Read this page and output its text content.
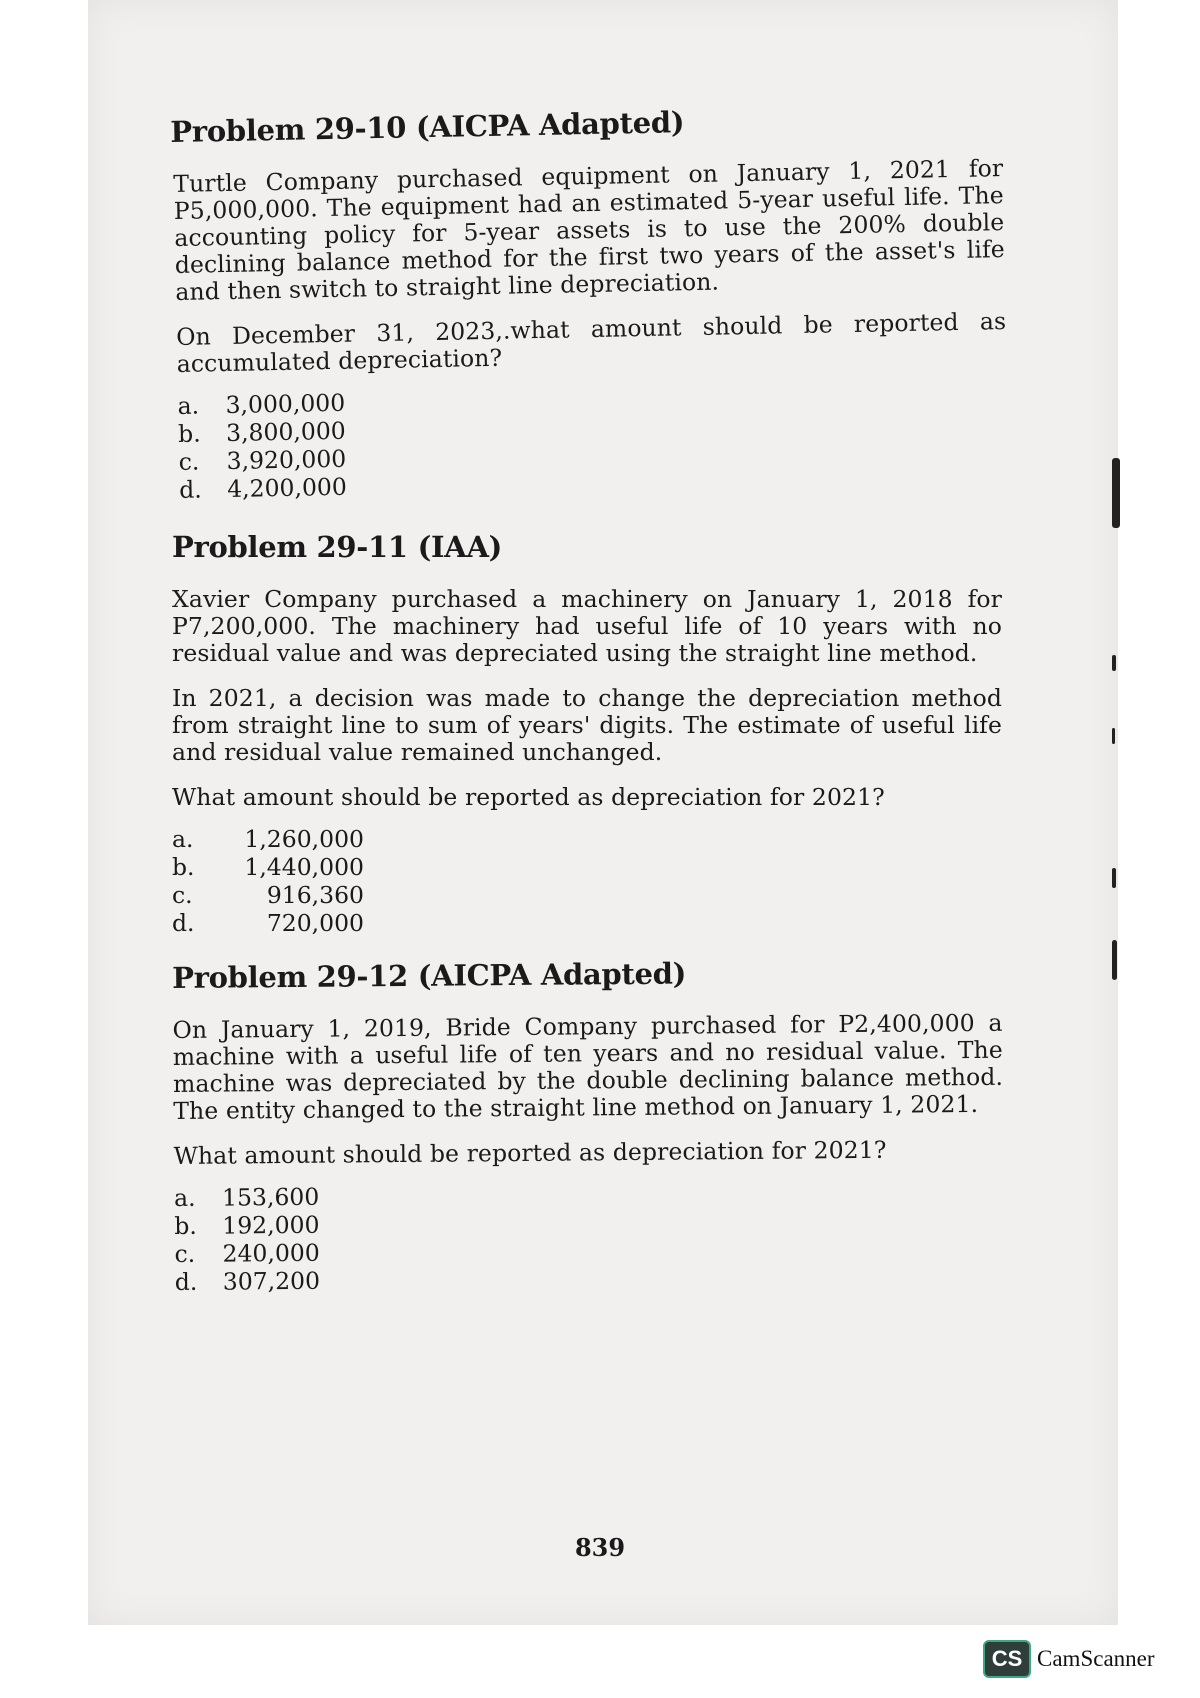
Problem 29-10 (AICPA Adapted)

Turtle Company purchased equipment on January 1, 2021 for P5,000,000. The equipment had an estimated 5-year useful life. The accounting policy for 5-year assets is to use the 200% double declining balance method for the first two years of the asset's life and then switch to straight line depreciation.

On December 31, 2023,.what amount should be reported as accumulated depreciation?

a.	3,000,000
b.	3,800,000
c.	3,920,000
d.	4,200,000
Problem 29-11 (IAA)

Xavier Company purchased a machinery on January 1, 2018 for P7,200,000. The machinery had useful life of 10 years with no residual value and was depreciated using the straight line method.

In 2021, a decision was made to change the depreciation method from straight line to sum of years' digits. The estimate of useful life and residual value remained unchanged.

What amount should be reported as depreciation for 2021?

a.	1,260,000
b.	1,440,000
c.	916,360
d.	720,000
Problem 29-12 (AICPA Adapted)

On January 1, 2019, Bride Company purchased for P2,400,000 a machine with a useful life of ten years and no residual value. The machine was depreciated by the double declining balance method. The entity changed to the straight line method on January 1, 2021.

What amount should be reported as depreciation for 2021?

a.	153,600
b.	192,000
c.	240,000
d.	307,200
839
CS CamScanner
